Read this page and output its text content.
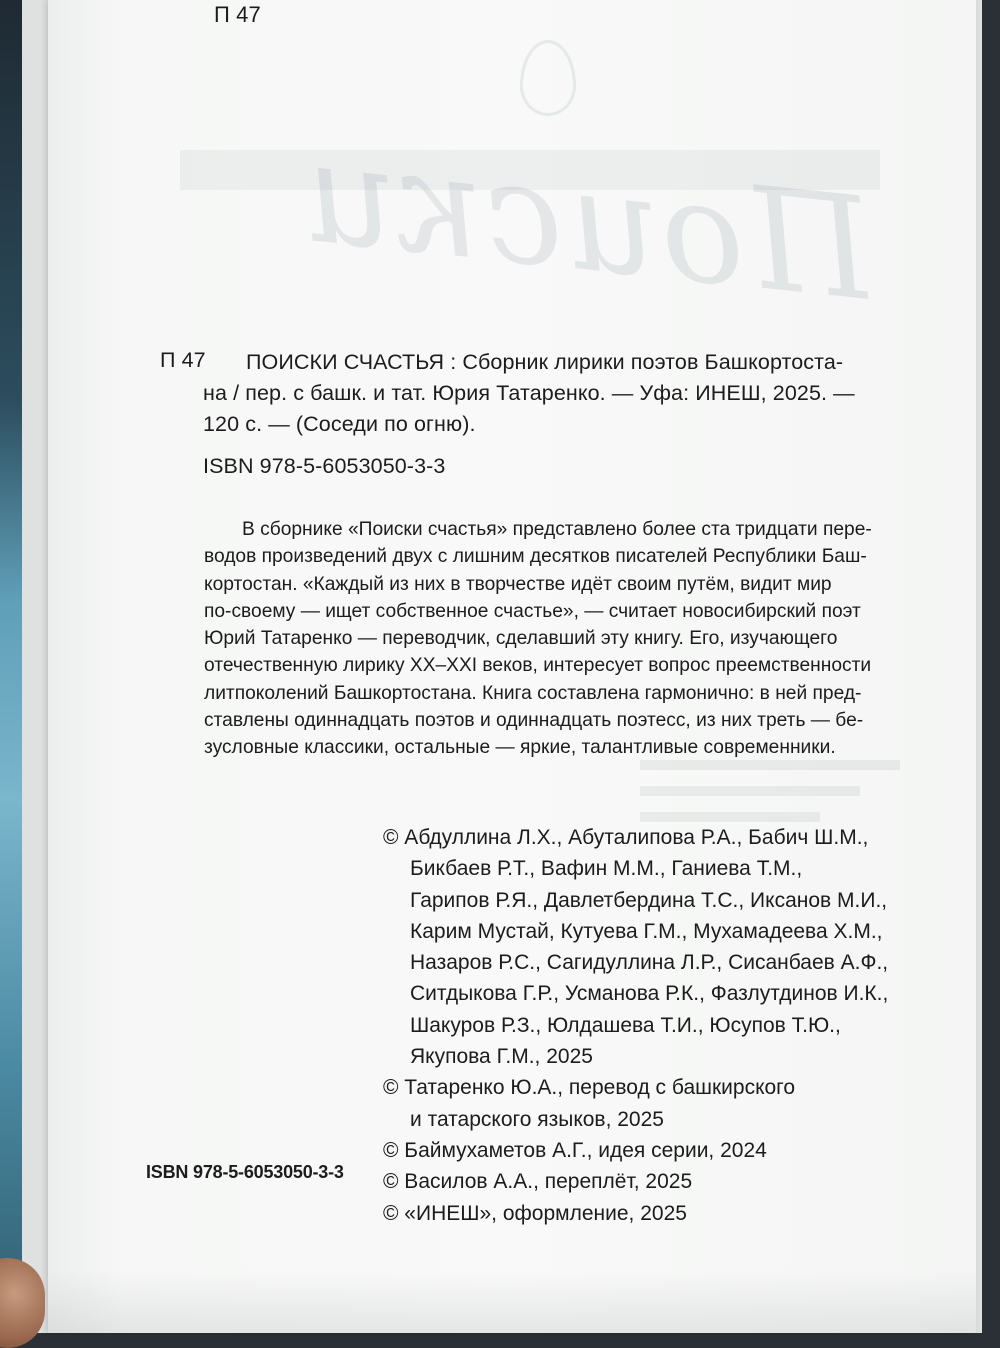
П 47
П 47 ПОИСКИ СЧАСТЬЯ : Сборник лирики поэтов Башкортоста-
на / пер. с башк. и тат. Юрия Татаренко. — Уфа: ИНЕШ, 2025. —
120 с. — (Соседи по огню).
ISBN 978-5-6053050-3-3
В сборнике «Поиски счастья» представлено более ста тридцати пере-
водов произведений двух с лишним десятков писателей Республики Баш-
кортостан. «Каждый из них в творчестве идёт своим путём, видит мир
по-своему — ищет собственное счастье», — считает новосибирский поэт
Юрий Татаренко — переводчик, сделавший эту книгу. Его, изучающего
отечественную лирику XX–XXI веков, интересует вопрос преемственности
литпоколений Башкортостана. Книга составлена гармонично: в ней пред-
ставлены одиннадцать поэтов и одиннадцать поэтесс, из них треть — бе-
зусловные классики, остальные — яркие, талантливые современники.
© Абдуллина Л.Х., Абуталипова Р.А., Бабич Ш.М.,
Бикбаев Р.Т., Вафин М.М., Ганиева Т.М.,
Гарипов Р.Я., Давлетбердина Т.С., Иксанов М.И.,
Карим Мустай, Кутуева Г.М., Мухамадеева Х.М.,
Назаров Р.С., Сагидуллина Л.Р., Сисанбаев А.Ф.,
Ситдыкова Г.Р., Усманова Р.К., Фазлутдинов И.К.,
Шакуров Р.З., Юлдашева Т.И., Юсупов Т.Ю.,
Якупова Г.М., 2025
© Татаренко Ю.А., перевод с башкирского
и татарского языков, 2025
© Баймухаметов А.Г., идея серии, 2024
© Василов А.А., переплёт, 2025
© «ИНЕШ», оформление, 2025
ISBN 978-5-6053050-3-3
